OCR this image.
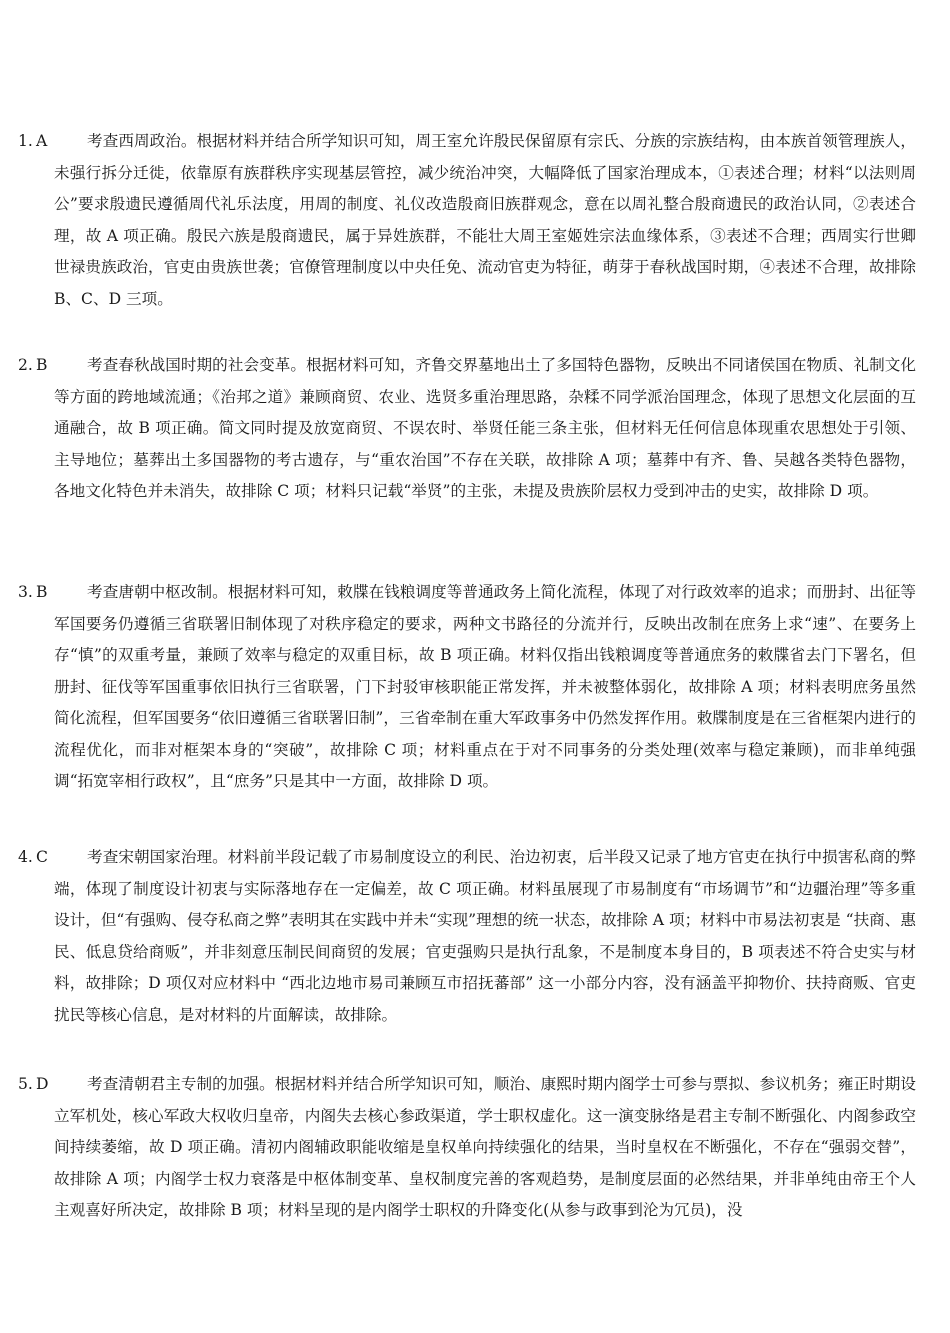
1. A	考查西周政治。根据材料并结合所学知识可知，周王室允许殷民保留原有宗氏、分族的宗族结构，由本族首领管理族人，未强行拆分迁徙，依靠原有族群秩序实现基层管控，减少统治冲突，大幅降低了国家治理成本，①表述合理；材料“以法则周公”要求殷遗民遵循周代礼乐法度，用周的制度、礼仪改造殷商旧族群观念，意在以周礼整合殷商遗民的政治认同，②表述合理，故 A 项正确。殷民六族是殷商遗民，属于异姓族群，不能壮大周王室姬姓宗法血缘体系，③表述不合理；西周实行世卿世禄贵族政治，官吏由贵族世袭；官僚管理制度以中央任免、流动官吏为特征，萌芽于春秋战国时期，④表述不合理，故排除 B、C、D 三项。
2. B	考查春秋战国时期的社会变革。根据材料可知，齐鲁交界墓地出土了多国特色器物，反映出不同诸侯国在物质、礼制文化等方面的跨地域流通；《治邦之道》兼顾商贸、农业、选贤多重治理思路，杂糅不同学派治国理念，体现了思想文化层面的互通融合，故 B 项正确。简文同时提及放宽商贸、不误农时、举贤任能三条主张，但材料无任何信息体现重农思想处于引领、主导地位；墓葬出土多国器物的考古遗存，与“重农治国”不存在关联，故排除 A 项；墓葬中有齐、鲁、吴越各类特色器物，各地文化特色并未消失，故排除 C 项；材料只记载“举贤”的主张，未提及贵族阶层权力受到冲击的史实，故排除 D 项。
3. B	考查唐朝中枢改制。根据材料可知，敕牒在钱粮调度等普通政务上简化流程，体现了对行政效率的追求；而册封、出征等军国要务仍遵循三省联署旧制体现了对秩序稳定的要求，两种文书路径的分流并行，反映出改制在庶务上求“速”、在要务上存“慎”的双重考量，兼顾了效率与稳定的双重目标，故 B 项正确。材料仅指出钱粮调度等普通庶务的敕牒省去门下署名，但册封、征伐等军国重事依旧执行三省联署，门下封驳审核职能正常发挥，并未被整体弱化，故排除 A 项；材料表明庶务虽然简化流程，但军国要务“依旧遵循三省联署旧制”，三省牵制在重大军政事务中仍然发挥作用。敕牒制度是在三省框架内进行的流程优化，而非对框架本身的“突破”，故排除 C 项；材料重点在于对不同事务的分类处理(效率与稳定兼顾)，而非单纯强调“拓宽宰相行政权”，且“庶务”只是其中一方面，故排除 D 项。
4. C	考查宋朝国家治理。材料前半段记载了市易制度设立的利民、治边初衷，后半段又记录了地方官吏在执行中损害私商的弊端，体现了制度设计初衷与实际落地存在一定偏差，故 C 项正确。材料虽展现了市易制度有“市场调节”和“边疆治理”等多重设计，但“有强购、侵夺私商之弊”表明其在实践中并未“实现”理想的统一状态，故排除 A 项；材料中市易法初衷是 “扶商、惠民、低息贷给商贩”，并非刻意压制民间商贸的发展；官吏强购只是执行乱象，不是制度本身目的，B 项表述不符合史实与材料，故排除；D 项仅对应材料中 “西北边地市易司兼顾互市招抚蕃部” 这一小部分内容，没有涵盖平抑物价、扶持商贩、官吏扰民等核心信息，是对材料的片面解读，故排除。
5. D 考查清朝君主专制的加强。根据材料并结合所学知识可知，顺治、康熙时期内阁学士可参与票拟、参议机务；雍正时期设立军机处，核心军政大权收归皇帝，内阁失去核心参政渠道，学士职权虚化。这一演变脉络是君主专制不断强化、内阁参政空间持续萎缩，故 D 项正确。清初内阁辅政职能收缩是皇权单向持续强化的结果，当时皇权在不断强化，不存在“强弱交替”，故排除 A 项；内阁学士权力衰落是中枢体制变革、皇权制度完善的客观趋势，是制度层面的必然结果，并非单纯由帝王个人主观喜好所决定，故排除 B 项；材料呈现的是内阁学士职权的升降变化(从参与政事到沦为冗员)，没
